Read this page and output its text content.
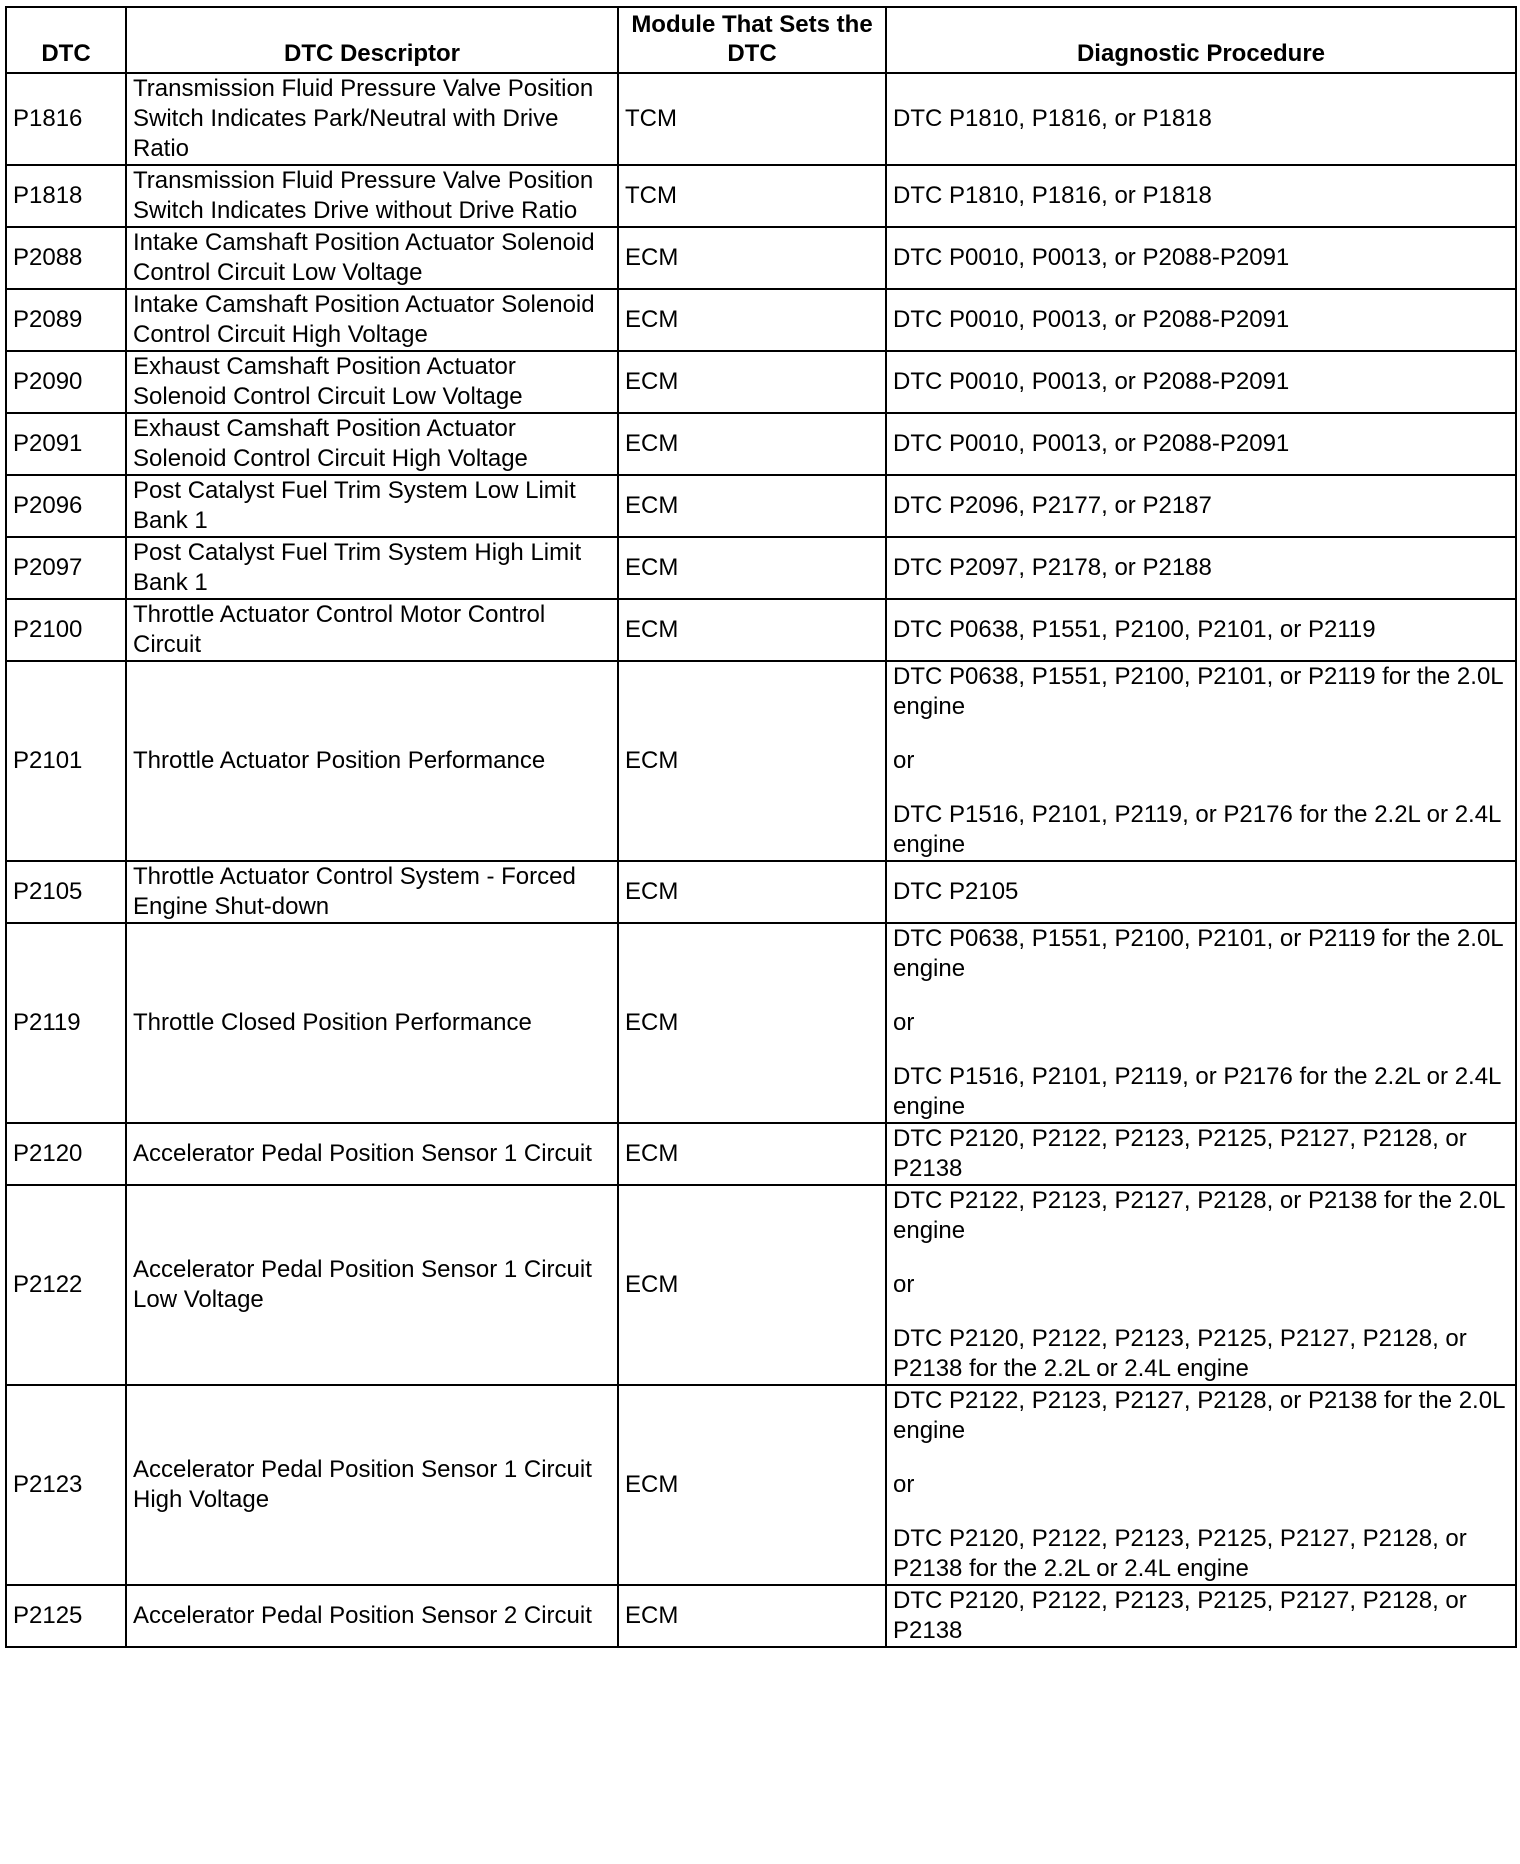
DTC	DTC Descriptor	Module That Sets the DTC	Diagnostic Procedure
P1816	Transmission Fluid Pressure Valve Position Switch Indicates Park/Neutral with Drive Ratio	TCM	DTC P1810, P1816, or P1818

P1818	Transmission Fluid Pressure Valve Position Switch Indicates Drive without Drive Ratio	TCM	DTC P1810, P1816, or P1818

P2088	Intake Camshaft Position Actuator Solenoid Control Circuit Low Voltage	ECM	DTC P0010, P0013, or P2088-P2091

P2089	Intake Camshaft Position Actuator Solenoid Control Circuit High Voltage	ECM	DTC P0010, P0013, or P2088-P2091

P2090	Exhaust Camshaft Position Actuator Solenoid Control Circuit Low Voltage	ECM	DTC P0010, P0013, or P2088-P2091

P2091	Exhaust Camshaft Position Actuator Solenoid Control Circuit High Voltage	ECM	DTC P0010, P0013, or P2088-P2091

P2096	Post Catalyst Fuel Trim System Low Limit Bank 1	ECM	DTC P2096, P2177, or P2187

P2097	Post Catalyst Fuel Trim System High Limit Bank 1	ECM	DTC P2097, P2178, or P2188

P2100	Throttle Actuator Control Motor Control Circuit	ECM	DTC P0638, P1551, P2100, P2101, or P2119

P2101	Throttle Actuator Position Performance	ECM	DTC P0638, P1551, P2100, P2101, or P2119 for the 2.0L engine
or
DTC P1516, P2101, P2119, or P2176 for the 2.2L or 2.4L engine

P2105	Throttle Actuator Control System - Forced Engine Shut-down	ECM	DTC P2105

P2119	Throttle Closed Position Performance	ECM	DTC P0638, P1551, P2100, P2101, or P2119 for the 2.0L engine
or
DTC P1516, P2101, P2119, or P2176 for the 2.2L or 2.4L engine

P2120	Accelerator Pedal Position Sensor 1 Circuit	ECM	DTC P2120, P2122, P2123, P2125, P2127, P2128, or P2138

P2122	Accelerator Pedal Position Sensor 1 Circuit Low Voltage	ECM	DTC P2122, P2123, P2127, P2128, or P2138 for the 2.0L engine
or
DTC P2120, P2122, P2123, P2125, P2127, P2128, or P2138 for the 2.2L or 2.4L engine

P2123	Accelerator Pedal Position Sensor 1 Circuit High Voltage	ECM	DTC P2122, P2123, P2127, P2128, or P2138 for the 2.0L engine
or
DTC P2120, P2122, P2123, P2125, P2127, P2128, or P2138 for the 2.2L or 2.4L engine

P2125	Accelerator Pedal Position Sensor 2 Circuit	ECM	DTC P2120, P2122, P2123, P2125, P2127, P2128, or P2138
